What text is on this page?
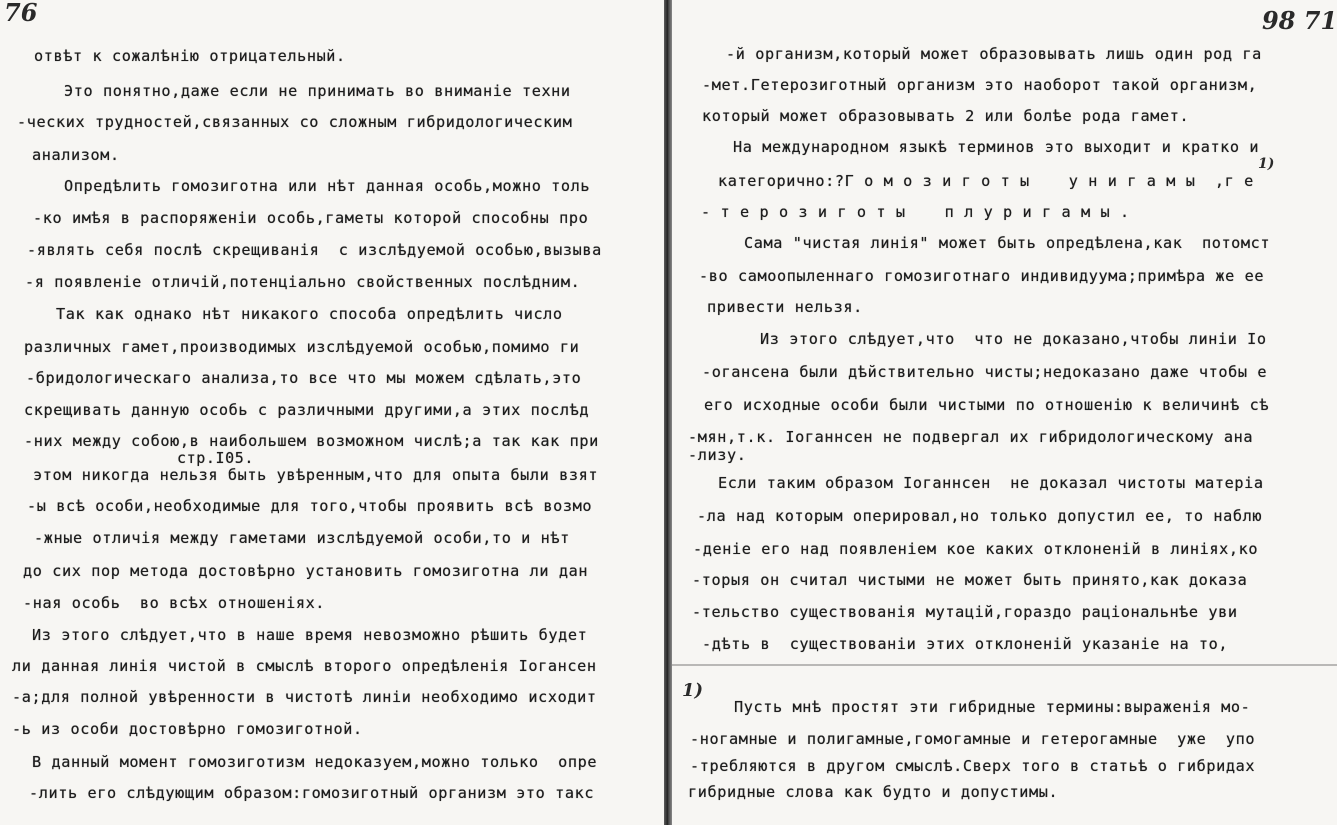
76
отвѣт к сожалѣнію отрицательный.
Это понятно,даже если не принимать во вниманіе техни
-ческих трудностей,связанных со сложным гибридологическим
анализом.
Опредѣлить гомозиготна или нѣт данная особь,можно толь
-ко имѣя в распоряженіи особь,гаметы которой способны про
-являть себя послѣ скрещиванія  с изслѣдуемой особью,вызыва
-я появленіе отличій,потенціально свойственных послѣдним.
Так как однако нѣт никакого способа опредѣлить число
различных гамет,производимых изслѣдуемой особью,помимо ги
-бридологическаго анализа,то все что мы можем сдѣлать,это
скрещивать данную особь с различными другими,а этих послѣд
-них между собою,в наибольшем возможном числѣ;а так как при
стр.I05.
этом никогда нельзя быть увѣренным,что для опыта были взят
-ы всѣ особи,необходимые для того,чтобы проявить всѣ возмо
-жные отличія между гаметами изслѣдуемой особи,то и нѣт
до сих пор метода достовѣрно установить гомозиготна ли дан
-ная особь  во всѣх отношеніях.
Из этого слѣдует,что в наше время невозможно рѣшить будет
ли данная линія чистой в смыслѣ второго опредѣленія Іогансен
-а;для полной увѣренности в чистотѣ линіи необходимо исходит
-ь из особи достовѣрно гомозиготной.
В данный момент гомозиготизм недоказуем,можно только  опре
-лить его слѣдующим образом:гомозиготный организм это такс
98 71
-й организм,который может образовывать лишь один род га
-мет.Гетерозиготный организм это наоборот такой организм,
который может образовывать 2 или болѣе рода гамет.
На международном языкѣ терминов это выходит и кратко и
1)
категорично:?Г о м о з и г о т ы    у н и г а м ы  ,г е
- т е р о з и г о т ы    п л у р и г а м ы .
Сама "чистая линія" может быть опредѣлена,как  потомст
-во самоопыленнаго гомозиготнаго индивидуума;примѣра же ее
привести нельзя.
Из этого слѣдует,что  что не доказано,чтобы линіи Іо
-огансена были дѣйствительно чисты;недоказано даже чтобы е
его исходные особи были чистыми по отношенію к величинѣ сѣ
-мян,т.к. Іоганнсен не подвергал их гибридологическому ана
-лизу.
Если таким образом Іоганнсен  не доказал чистоты матеріа
-ла над которым оперировал,но только допустил ее, то наблю
-деніе его над появленіем кое каких отклоненій в линіях,ко
-торыя он считал чистыми не может быть принято,как доказа
-тельство существованія мутацій,гораздо раціональнѣе уви
-дѣть в  существованіи этих отклоненій указаніе на то,
1)
Пусть мнѣ простят эти гибридные термины:выраженія мо-
-ногамные и полигамные,гомогамные и гетерогамные  уже  упо
-требляются в другом смыслѣ.Сверх того в статьѣ о гибридах
гибридные слова как будто и допустимы.
